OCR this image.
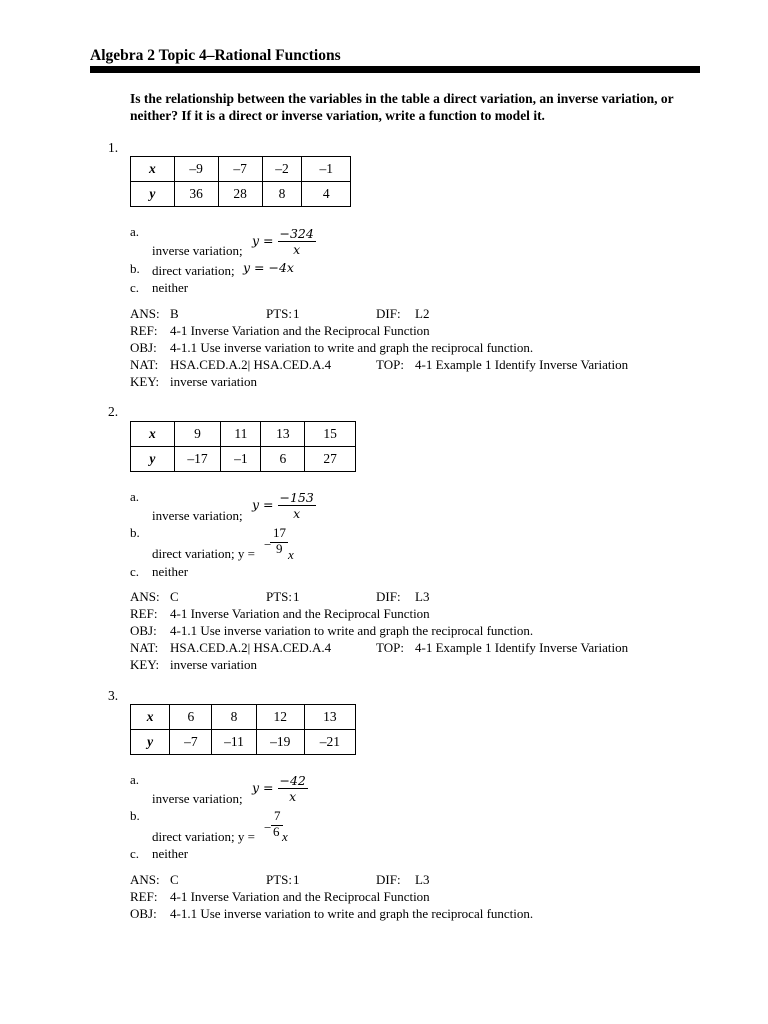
Algebra 2 Topic 4–Rational Functions
Is the relationship between the variables in the table a direct variation, an inverse variation, or neither? If it is a direct or inverse variation, write a function to model it.
1.
x	–9	–7	–2	–1
y	36	28	8	4
a.
inverse variation;
$y = \frac{-324}{x}$
b. direct variation; y = −4x
c. neither
ANS: B	PTS: 1	DIF: L2
REF: 4-1 Inverse Variation and the Reciprocal Function
OBJ: 4-1.1 Use inverse variation to write and graph the reciprocal function.
NAT: HSA.CED.A.2| HSA.CED.A.4	TOP: 4-1 Example 1 Identify Inverse Variation
KEY: inverse variation
2.
x	9	11	13	15
y	–17	–1	6	27
a.
inverse variation;
$y = \frac{-153}{x}$
b.	17
− 9
direct variation; y =	x
c. neither
ANS: C	PTS: 1	DIF: L3
REF: 4-1 Inverse Variation and the Reciprocal Function
OBJ: 4-1.1 Use inverse variation to write and graph the reciprocal function.
NAT: HSA.CED.A.2| HSA.CED.A.4	TOP: 4-1 Example 1 Identify Inverse Variation
KEY: inverse variation
3.
x	6	8	12	13
y	–7	–11	–19	–21
a.
inverse variation;
$y = \frac{-42}{x}$
b.	7
− 6
direct variation; y = x
c. neither
ANS: C	PTS: 1	DIF: L3
REF: 4-1 Inverse Variation and the Reciprocal Function
OBJ: 4-1.1 Use inverse variation to write and graph the reciprocal function.
